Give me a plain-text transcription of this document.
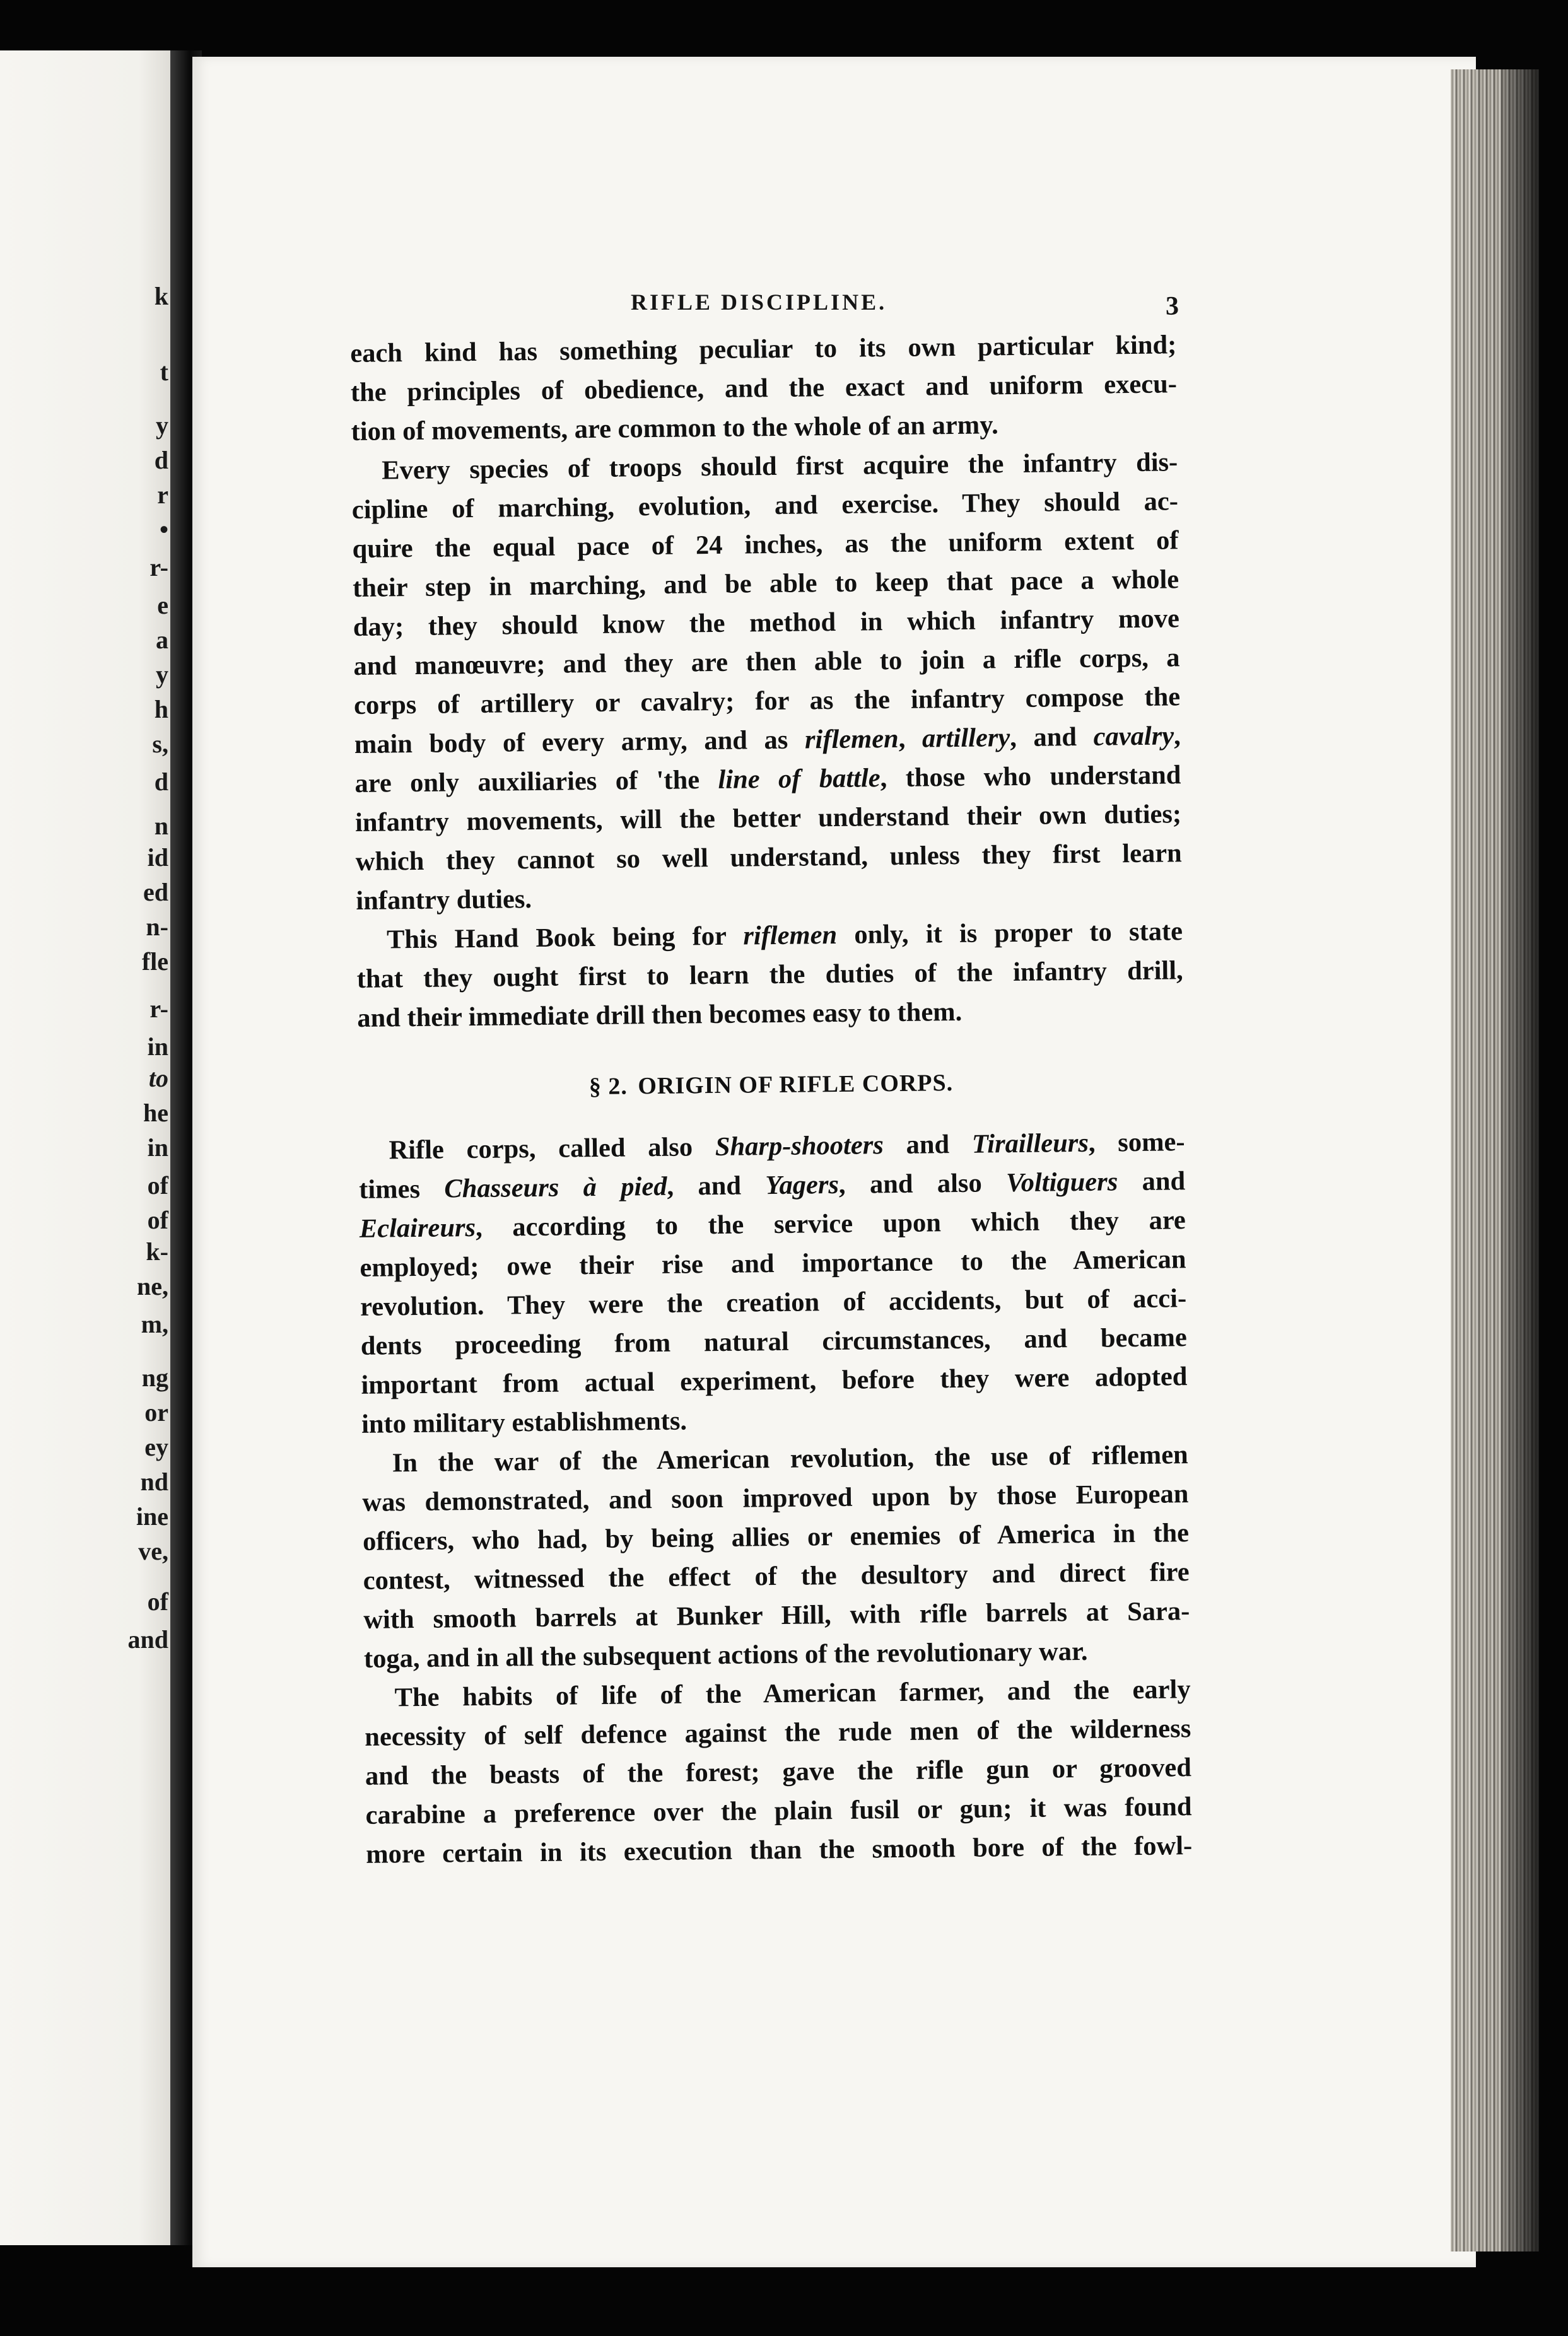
k
t
y
d
r
•
r-
e
a
y
h
s,
d
n
id
ed
n-
fle
r-
in
to
he
in
of
of
k-
ne,
m,
ng
or
ey
nd
ine
ve,
of
and
RIFLE DISCIPLINE.	3

each kind has something peculiar to its own particular kind;
the principles of obedience, and the exact and uniform execu-
tion of movements, are common to the whole of an army.

Every species of troops should first acquire the infantry dis-
cipline of marching, evolution, and exercise. They should ac-
quire the equal pace of 24 inches, as the uniform extent of
their step in marching, and be able to keep that pace a whole
day; they should know the method in which infantry move
and manœuvre; and they are then able to join a rifle corps, a
corps of artillery or cavalry; for as the infantry compose the
main body of every army, and as riflemen, artillery, and cavalry,
are only auxiliaries of 'the line of battle, those who understand
infantry movements, will the better understand their own duties;
which they cannot so well understand, unless they first learn
infantry duties.

This Hand Book being for riflemen only, it is proper to state
that they ought first to learn the duties of the infantry drill,
and their immediate drill then becomes easy to them.

§ 2. ORIGIN OF RIFLE CORPS.

Rifle corps, called also Sharp-shooters and Tirailleurs, some-
times Chasseurs à pied, and Yagers, and also Voltiguers and
Eclaireurs, according to the service upon which they are
employed; owe their rise and importance to the American
revolution. They were the creation of accidents, but of acci-
dents proceeding from natural circumstances, and became
important from actual experiment, before they were adopted
into military establishments.

In the war of the American revolution, the use of riflemen
was demonstrated, and soon improved upon by those European
officers, who had, by being allies or enemies of America in the
contest, witnessed the effect of the desultory and direct fire
with smooth barrels at Bunker Hill, with rifle barrels at Sara-
toga, and in all the subsequent actions of the revolutionary war.

The habits of life of the American farmer, and the early
necessity of self defence against the rude men of the wilderness
and the beasts of the forest; gave the rifle gun or grooved
carabine a preference over the plain fusil or gun; it was found
more certain in its execution than the smooth bore of the fowl-
